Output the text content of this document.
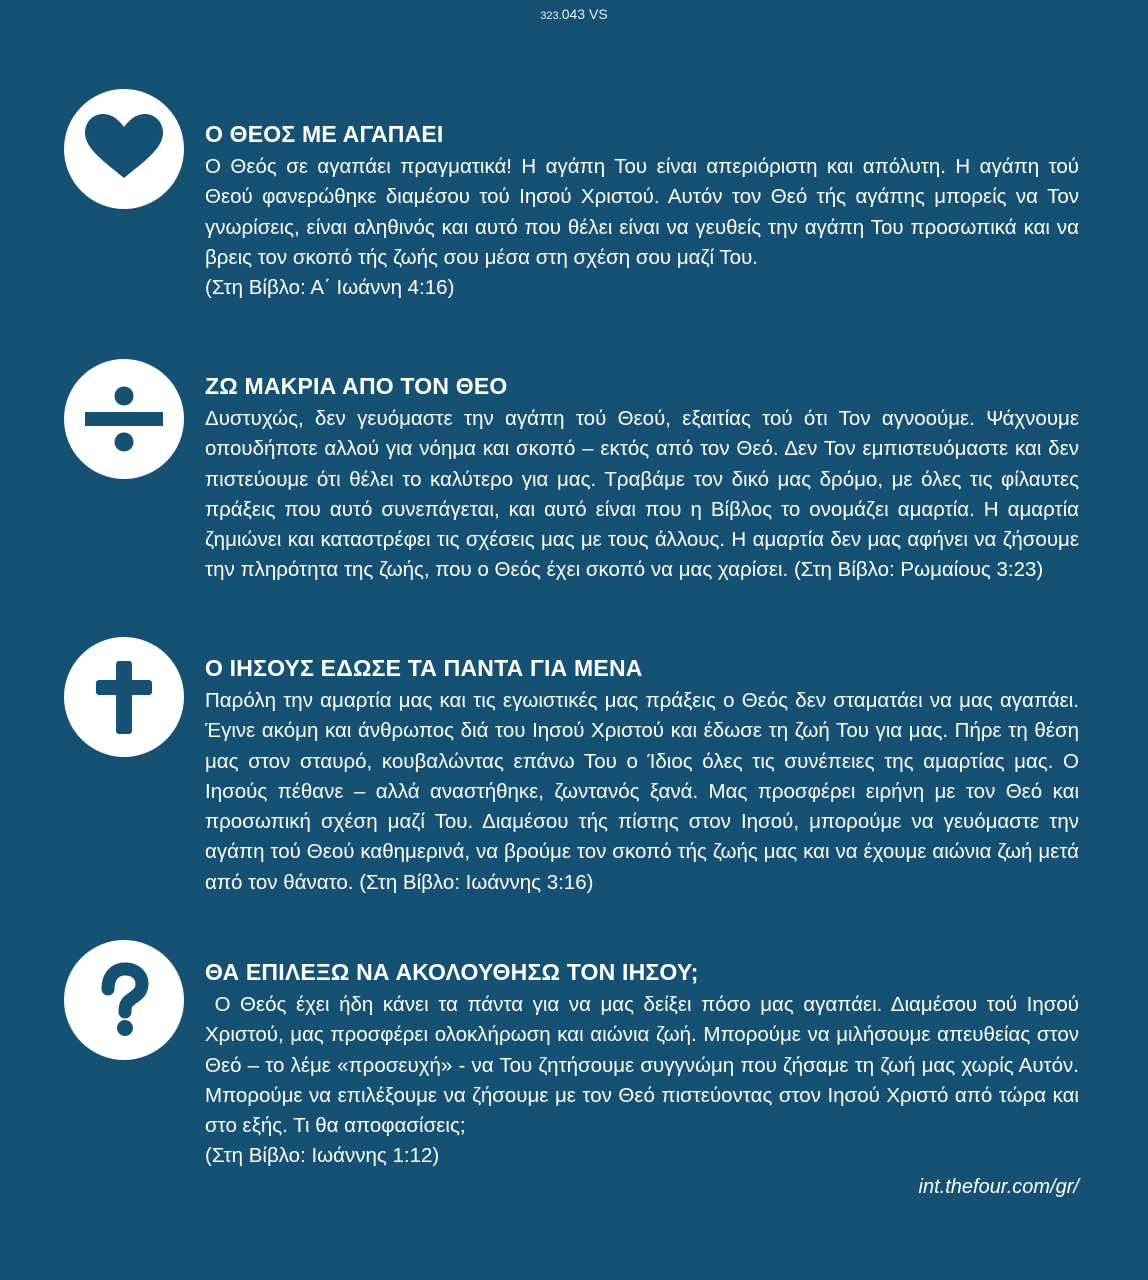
323.043 VS
Ο ΘΕΟΣ ΜΕ ΑΓΑΠΑΕΙ

Ο Θεός σε αγαπάει πραγματικά! Η αγάπη Του είναι απεριόριστη και απόλυτη. Η αγάπη τού Θεού φανερώθηκε διαμέσου τού Ιησού Χριστού. Αυτόν τον Θεό τής αγάπης μπορείς να Τον γνωρίσεις, είναι αληθινός και αυτό που θέλει είναι να γευθείς την αγάπη Του προσωπικά και να βρεις τον σκοπό τής ζωής σου μέσα στη σχέση σου μαζί Του.

(Στη Βίβλο: Α΄ Ιωάννη 4:16)

ΖΩ ΜΑΚΡΙΑ ΑΠΟ ΤΟΝ ΘΕΟ

Δυστυχώς, δεν γευόμαστε την αγάπη τού Θεού, εξαιτίας τού ότι Τον αγνοούμε. Ψάχνουμε οπουδήποτε αλλού για νόημα και σκοπό – εκτός από τον Θεό. Δεν Τον εμπιστευόμαστε και δεν πιστεύουμε ότι θέλει το καλύτερο για μας. Τραβάμε τον δικό μας δρόμο, με όλες τις φίλαυτες πράξεις που αυτό συνεπάγεται, και αυτό είναι που η Βίβλος το ονομάζει αμαρτία. Η αμαρτία ζημιώνει και καταστρέφει τις σχέσεις μας με τους άλλους. Η αμαρτία δεν μας αφήνει να ζήσουμε την πληρότητα της ζωής, που ο Θεός έχει σκοπό να μας χαρίσει. (Στη Βίβλο: Ρωμαίους 3:23)

Ο ΙΗΣΟΥΣ ΕΔΩΣΕ ΤΑ ΠΑΝΤΑ ΓΙΑ ΜΕΝΑ

Παρόλη την αμαρτία μας και τις εγωιστικές μας πράξεις ο Θεός δεν σταματάει να μας αγαπάει. Έγινε ακόμη και άνθρωπος διά του Ιησού Χριστού και έδωσε τη ζωή Του για μας. Πήρε τη θέση μας στον σταυρό, κουβαλώντας επάνω Του ο Ίδιος όλες τις συνέπειες της αμαρτίας μας. Ο Ιησούς πέθανε – αλλά αναστήθηκε, ζωντανός ξανά. Μας προσφέρει ειρήνη με τον Θεό και προσωπική σχέση μαζί Του. Διαμέσου τής πίστης στον Ιησού, μπορούμε να γευόμαστε την αγάπη τού Θεού καθημερινά, να βρούμε τον σκοπό τής ζωής μας και να έχουμε αιώνια ζωή μετά από τον θάνατο. (Στη Βίβλο: Ιωάννης 3:16)

ΘΑ ΕΠΙΛΕΞΩ ΝΑ ΑΚΟΛΟΥΘΗΣΩ ΤΟΝ ΙΗΣΟΥ;

Ο Θεός έχει ήδη κάνει τα πάντα για να μας δείξει πόσο μας αγαπάει. Διαμέσου τού Ιησού Χριστού, μας προσφέρει ολοκλήρωση και αιώνια ζωή. Μπορούμε να μιλήσουμε απευθείας στον Θεό – το λέμε «προσευχή» - να Του ζητήσουμε συγγνώμη που ζήσαμε τη ζωή μας χωρίς Αυτόν. Μπορούμε να επιλέξουμε να ζήσουμε με τον Θεό πιστεύοντας στον Ιησού Χριστό από τώρα και στο εξής. Τι θα αποφασίσεις;

(Στη Βίβλο: Ιωάννης 1:12)

int.thefour.com/gr/
